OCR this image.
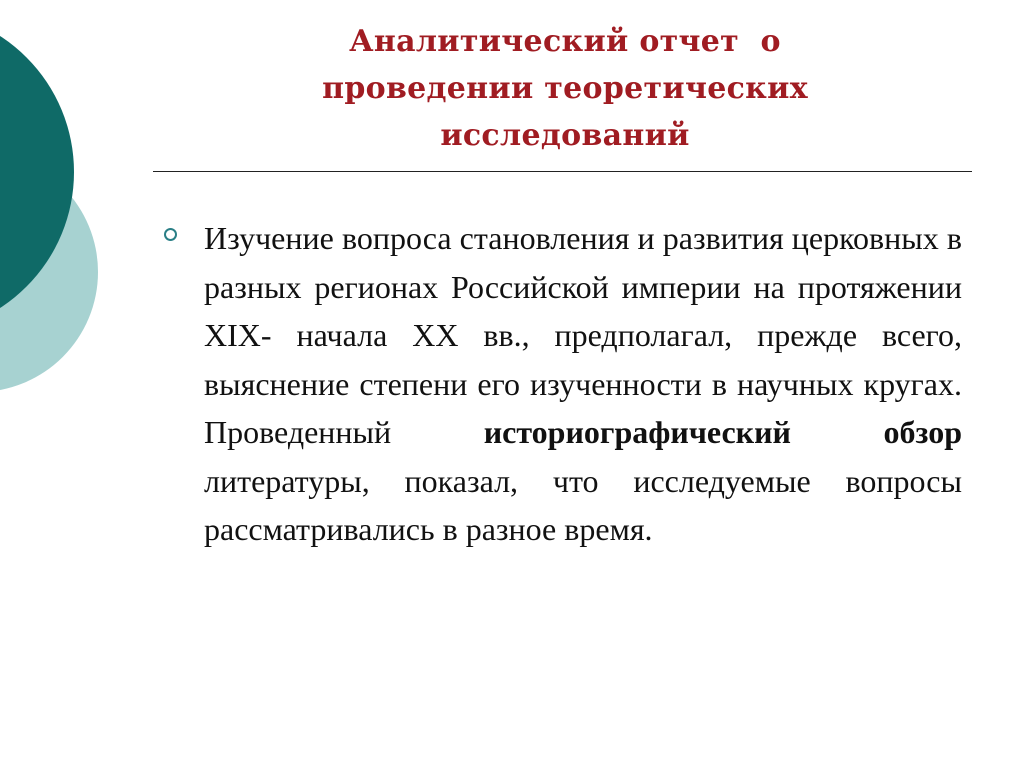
Аналитический отчет  о
проведении теоретических
исследований
Изучение вопроса становления и развития церковных в разных регионах Российской империи на протяжении XIX- начала XX вв., предполагал, прежде всего, выяснение степени его изученности в научных кругах. Проведенный историографический обзор литературы, показал, что исследуемые вопросы рассматривались в разное время.
